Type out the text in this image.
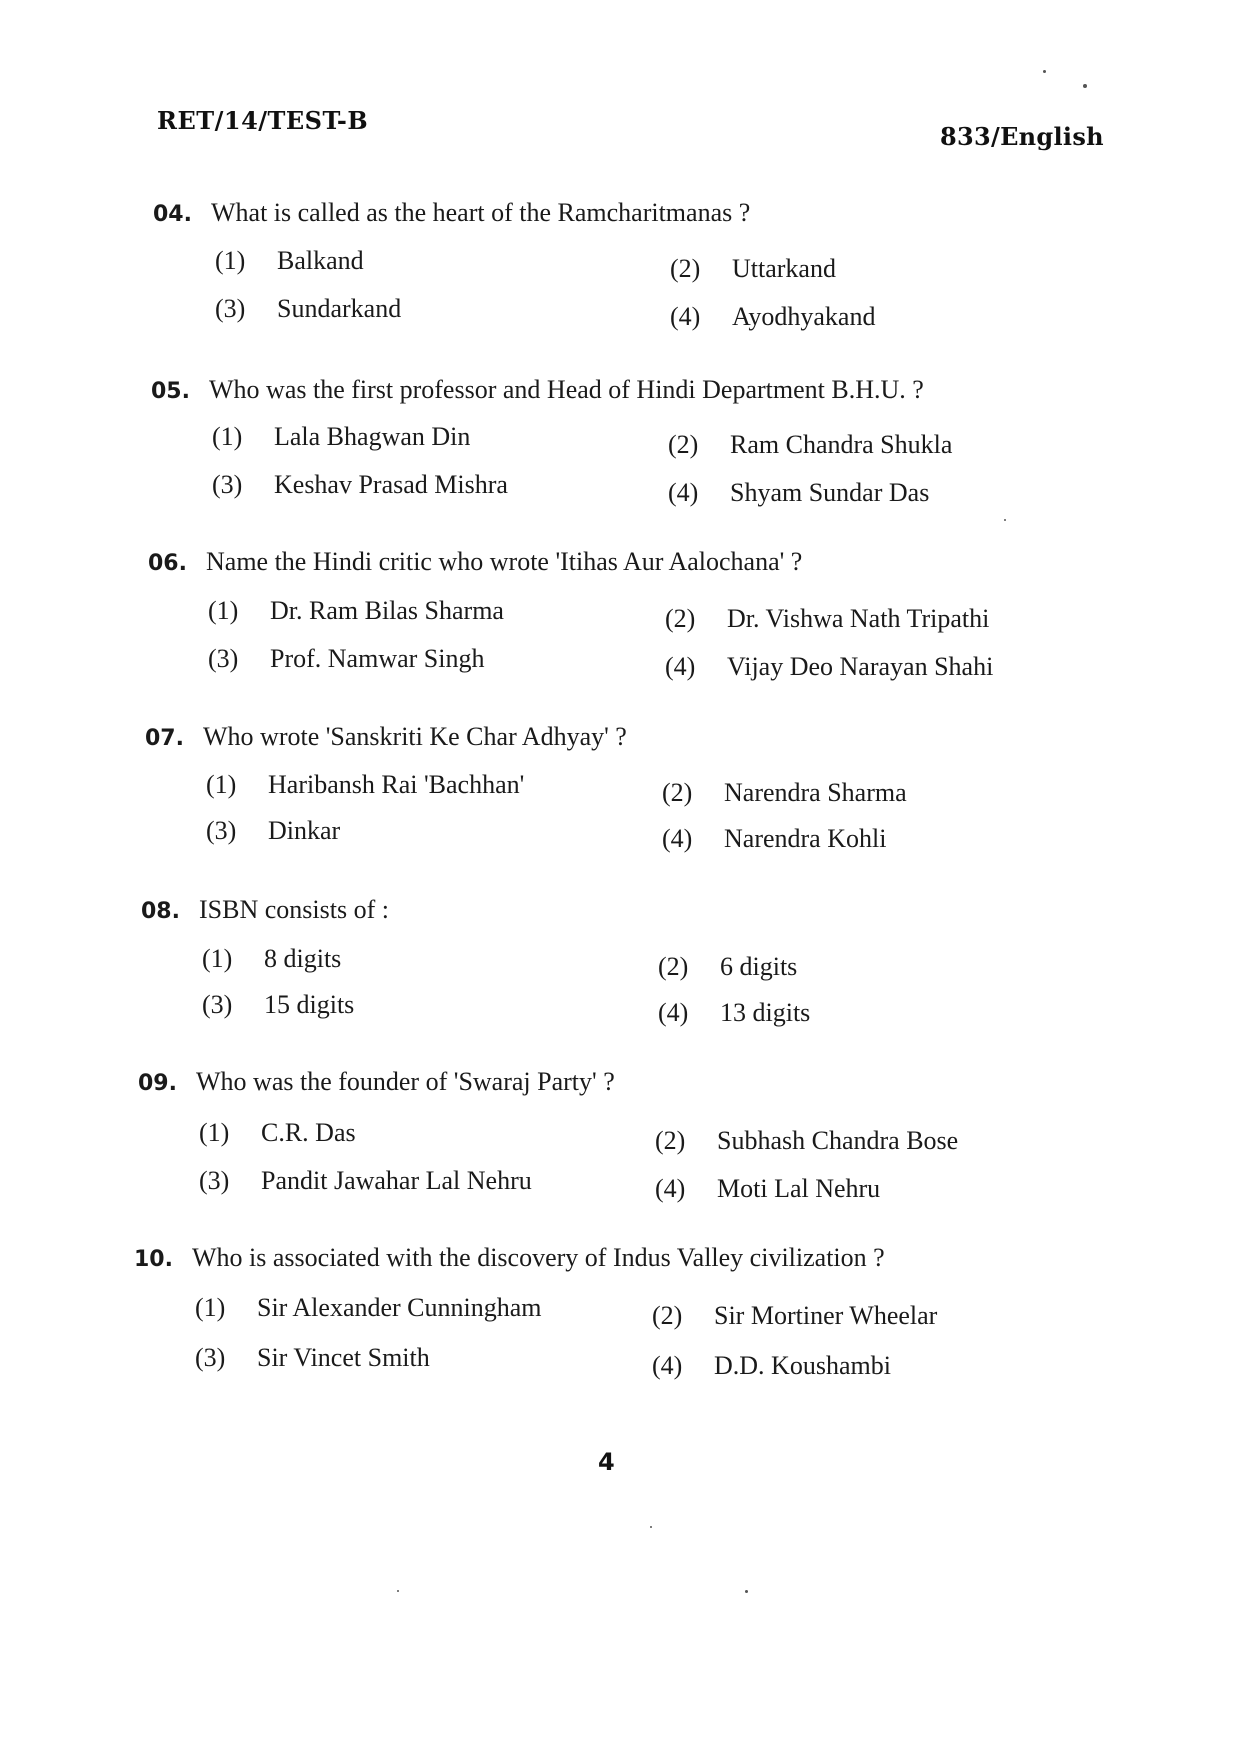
RET/14/TEST-B
833/English
04. What is called as the heart of the Ramcharitmanas ?
(1) Balkand	(2) Uttarkand
(3) Sundarkand	(4) Ayodhyakand
05. Who was the first professor and Head of Hindi Department B.H.U. ?
(1) Lala Bhagwan Din	(2) Ram Chandra Shukla
(3) Keshav Prasad Mishra	(4) Shyam Sundar Das
06. Name the Hindi critic who wrote 'Itihas Aur Aalochana' ?
(1) Dr. Ram Bilas Sharma	(2) Dr. Vishwa Nath Tripathi
(3) Prof. Namwar Singh	(4) Vijay Deo Narayan Shahi
07. Who wrote 'Sanskriti Ke Char Adhyay' ?
(1) Haribansh Rai 'Bachhan'	(2) Narendra Sharma
(3) Dinkar	(4) Narendra Kohli
08. ISBN consists of :
(1) 8 digits	(2) 6 digits
(3) 15 digits	(4) 13 digits
09. Who was the founder of 'Swaraj Party' ?
(1) C.R. Das	(2) Subhash Chandra Bose
(3) Pandit Jawahar Lal Nehru	(4) Moti Lal Nehru
10. Who is associated with the discovery of Indus Valley civilization ?
(1) Sir Alexander Cunningham	(2) Sir Mortiner Wheelar
(3) Sir Vincet Smith	(4) D.D. Koushambi
4
